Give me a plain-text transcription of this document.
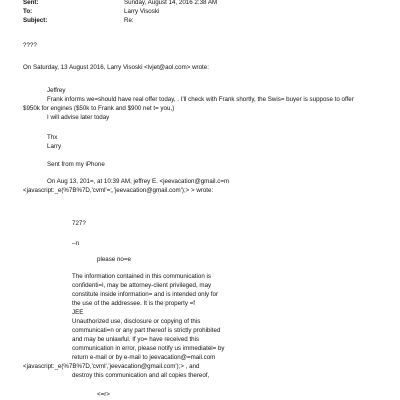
Sent:	Sunday, August 14, 2016 2:38 AM
To:	Larry Visoski
Subject:	Re:
????
On Saturday, 13 August 2016, Larry Visoski <lvjet@aol.com> wrote:
Jeffrey
Frank informs we=should have real offer today, . I'll check with Frank shortly, the Swis= buyer is suppose to offer
$950k for engines ($50k to Frank and $900 net t= you,)
I will advise later today
Thx
Larry
Sent from my iPhone
On Aug 13, 201=, at 10:39 AM, jeffrey E. <jeevacation@gmail.c=m
<javascript:_e(%7B%7D,'cvml'=;,'jeevacation@gmail.com');> > wrote:
727?
–n
please no=e
The information contained in this communication is
confidenti=l, may be attorney-client privileged, may
constitute inside information= and is intended only for
the use of the addressee. It is the property =f
JEE
Unauthorized use, disclosure or copying of this
communicati=n or any part thereof is strictly prohibited
and may be unlawful. If yo= have received this
communication in error, please notify us immediatel= by
return e-mail or by e-mail to jeevacation@=mail.com
<javascript:_e(%7B%7D,'cvml','jeevacation@gmail.com');> , and
destroy this communication and all copies thereof,
<=r>
